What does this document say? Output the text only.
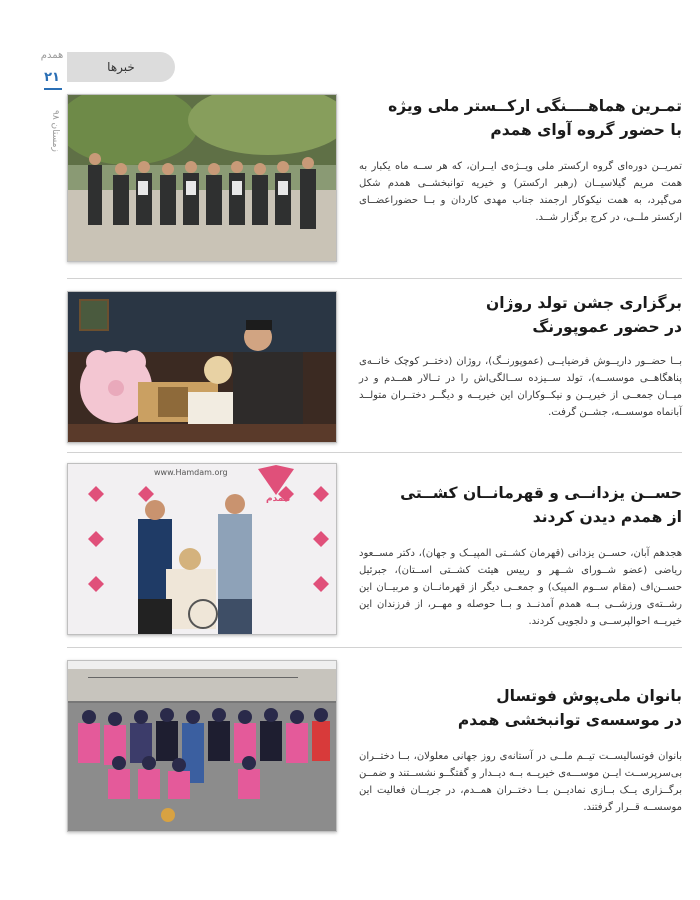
همدم
۲۱
زمستان ۹۸
خبرها
تمـرین هماهــــنگی ارکــستر ملی ویژه
با حضور گروه آوای همدم

تمریــن دوره‌ای گروه ارکستر ملی ویــژه‌ی ایــران، که هر ســه ماه یکبار به همت مریم گیلاسیــان (رهبر ارکستر) و خیریه توانبخشــی همدم شکل می‌گیرد، به همت نیکوکار ارجمند جناب مهدی کاردان و بــا حضوراعضــای ارکستر ملــی، در کرج برگزار شــد.

برگزاری جشن تولد روژان
در حضور عموپورنگ

بــا حضــور داریــوش فرضیایــی (عموپورنــگ)، روژان (دختــر کوچک خانــه‌ی پناهگاهــی موسســه)، تولد ســیزده ســالگی‌اش را در تــالار همــدم و در میــان جمعــی از خیریــن و نیکــوکاران این خیریــه و دیگــر دختــران متولــد آبانماه موسســه، جشــن گرفت.

www.Hamdam.org
همدم	حســن یزدانــی و قهرمانــان کشــتی
از همدم دیدن کردند

هجدهم آبان، حســن یزدانی (قهرمان کشــتی المپیــک و جهان)، دکتر مســعود ریاضی (عضو شــورای شــهر و رییس هیئت کشــتی اســتان)، جبرئیل حســن‌اف (مقام ســوم المپیک) و جمعــی دیگر از قهرمانــان و مربیــان این رشــته‌ی ورزشــی بــه همدم آمدنــد و بــا حوصله و مهــر، از فرزندان این خیریــه احوالپرســی و دلجویی کردند.

بانوان ملی‌پوش فوتسال
در موسسه‌ی توانبخشی همدم

بانوان فوتسالیســت تیــم ملــی در آستانه‌ی روز جهانی معلولان، بــا دختــران بی‌سرپرســت ایــن موســـه‌ی خیریــه بــه دیــدار و گفتگــو نشســتند و ضمــن برگــزاری یــک بــازی نمادیــن بــا دختــران همــدم، در جریــان فعالیت این موسســه قــرار گرفتند.
